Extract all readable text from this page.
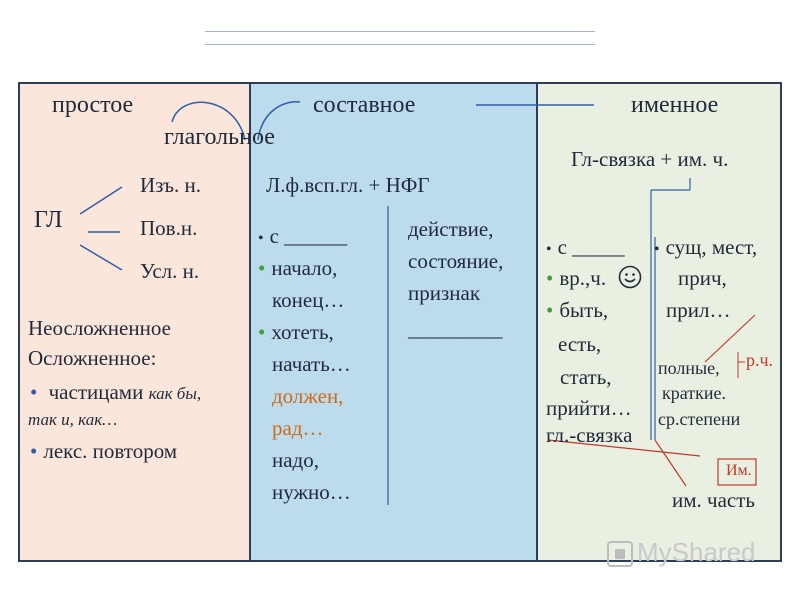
простое
глагольное
ГЛ
Изъ. н.
Пов.н.
Усл. н.
Неосложненное
Осложненное:
• частицами как бы,
так и, как…
• лекс. повтором
составное
Л.ф.всп.гл. + НФГ
• с ______
• начало,
конец…
• хотеть,
начать…
должен,
рад…
надо,
нужно…
действие,
состояние,
признак
_________
именное
Гл-связка + им. ч.
• с _____
• вр.,ч.
• быть,
есть,
стать,
прийти…
гл.-связка
• сущ, мест,
прич,
прил…
полные,
краткие.
ср.степени
р.ч.
Им.
им. часть
MyShared
